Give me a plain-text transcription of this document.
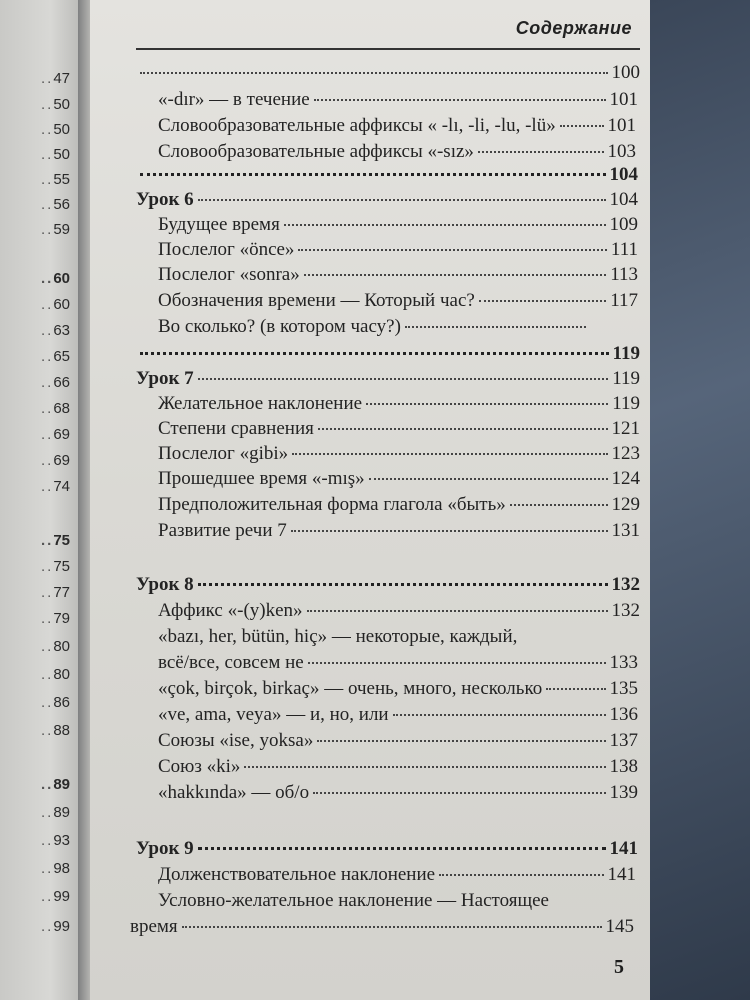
..47
..50
..50
..50
..55
..56
..59
..60
..60
..63
..65
..66
..68
..69
..69
..74
..75
..75
..77
..79
..80
..80
..86
..88
..89
..89
..93
..98
..99
..99
Содержание
100
«-dır» — в течение	101
Словообразовательные аффиксы « -lı, -li, -lu, -lü»	101
Словообразовательные аффиксы «-sız»	103
104
Урок 6	104
Будущее время	109
Послелог «önce»	111
Послелог «sonra»	113
Обозначения времени — Который час?	117
Во сколько? (в котором часу?)
119
Урок 7	119
Желательное наклонение	119
Степени сравнения	121
Послелог «gibi»	123
Прошедшее время «-mış»	124
Предположительная форма глагола «быть»	129
Развитие речи 7	131
Урок 8	132
Аффикс «-(y)ken»	132
«bazı, her, bütün, hiç» — некоторые, каждый,
всё/все, совсем не	133
«çok, birçok, birkaç» — очень, много, несколько	135
«ve, ama, veya» — и, но, или	136
Союзы «ise, yoksa»	137
Союз «ki»	138
«hakkında» — об/о	139
Урок 9	141
Долженствовательное наклонение	141
Условно-желательное наклонение — Настоящее
время	145
5
